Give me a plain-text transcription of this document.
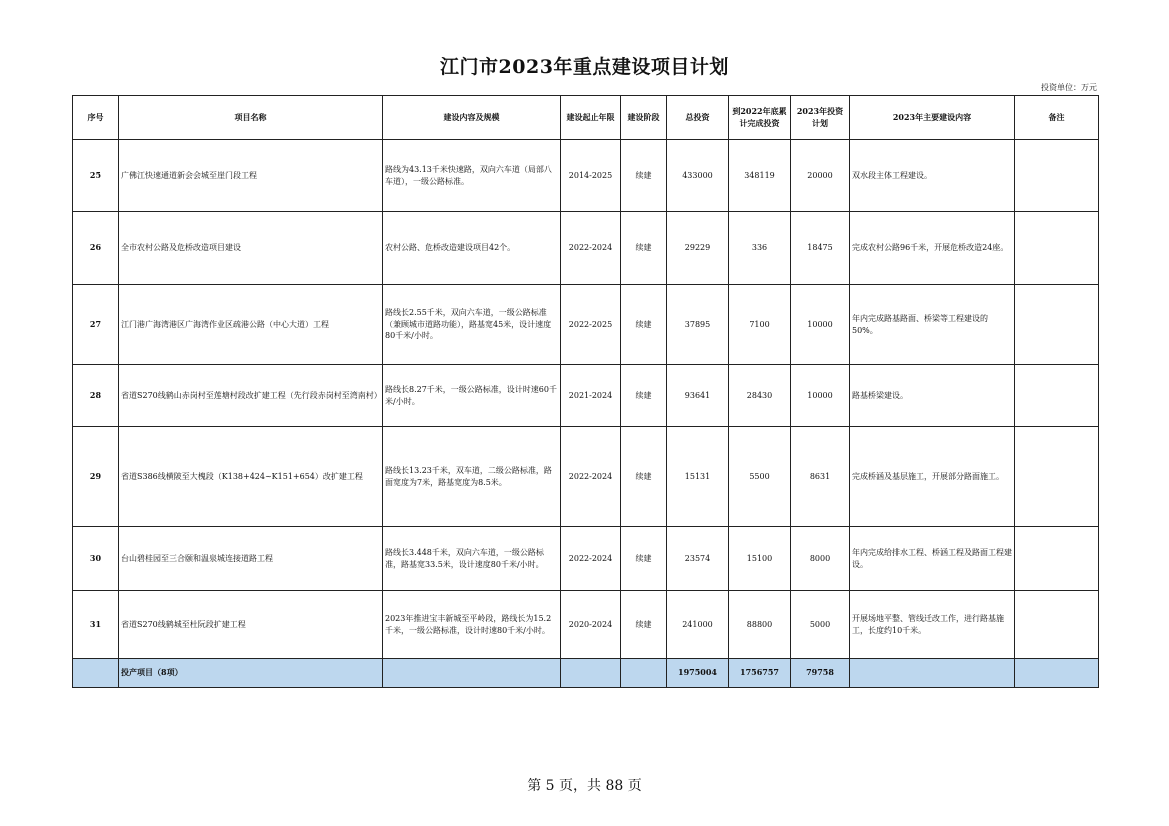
江门市2023年重点建设项目计划
投资单位：万元
序号	项目名称	建设内容及规模	建设起止年限	建设阶段	总投资	到2022年底累计完成投资	2023年投资计划	2023年主要建设内容	备注
25	广佛江快速通道新会会城至崖门段工程	路线为43.13千米快速路，双向六车道（局部八车道），一级公路标准。	2014-2025	续建	433000	348119	20000	双水段主体工程建设。	
26	全市农村公路及危桥改造项目建设	农村公路、危桥改造建设项目42个。	2022-2024	续建	29229	336	18475	完成农村公路96千米，开展危桥改造24座。	
27	江门港广海湾港区广海湾作业区疏港公路（中心大道）工程	路线长2.55千米，双向六车道，一级公路标准（兼顾城市道路功能），路基宽45米，设计速度80千米/小时。	2022-2025	续建	37895	7100	10000	年内完成路基路面、桥梁等工程建设的50%。	
28	省道S270线鹤山赤岗村至莲塘村段改扩建工程（先行段赤岗村至湾南村）	路线长8.27千米，一级公路标准，设计时速60千米/小时。	2021-2024	续建	93641	28430	10000	路基桥梁建设。	
29	省道S386线横陂至大槐段（K138+424~K151+654）改扩建工程	路线长13.23千米，双车道，二级公路标准，路面宽度为7米，路基宽度为8.5米。	2022-2024	续建	15131	5500	8631	完成桥涵及基层施工，开展部分路面施工。	
30	台山碧桂园至三合颐和温泉城连接道路工程	路线长3.448千米，双向六车道，一级公路标准，路基宽33.5米，设计速度80千米/小时。	2022-2024	续建	23574	15100	8000	年内完成给排水工程、桥涵工程及路面工程建设。	
31	省道S270线鹤城至杜阮段扩建工程	2023年推进宝丰新城至平岭段，路线长为15.2千米，一级公路标准，设计时速80千米/小时。	2020-2024	续建	241000	88800	5000	开展场地平整、管线迁改工作，进行路基施工，长度约10千米。	
	投产项目（8项）				1975004	1756757	79758		
第 5 页，共 88 页
